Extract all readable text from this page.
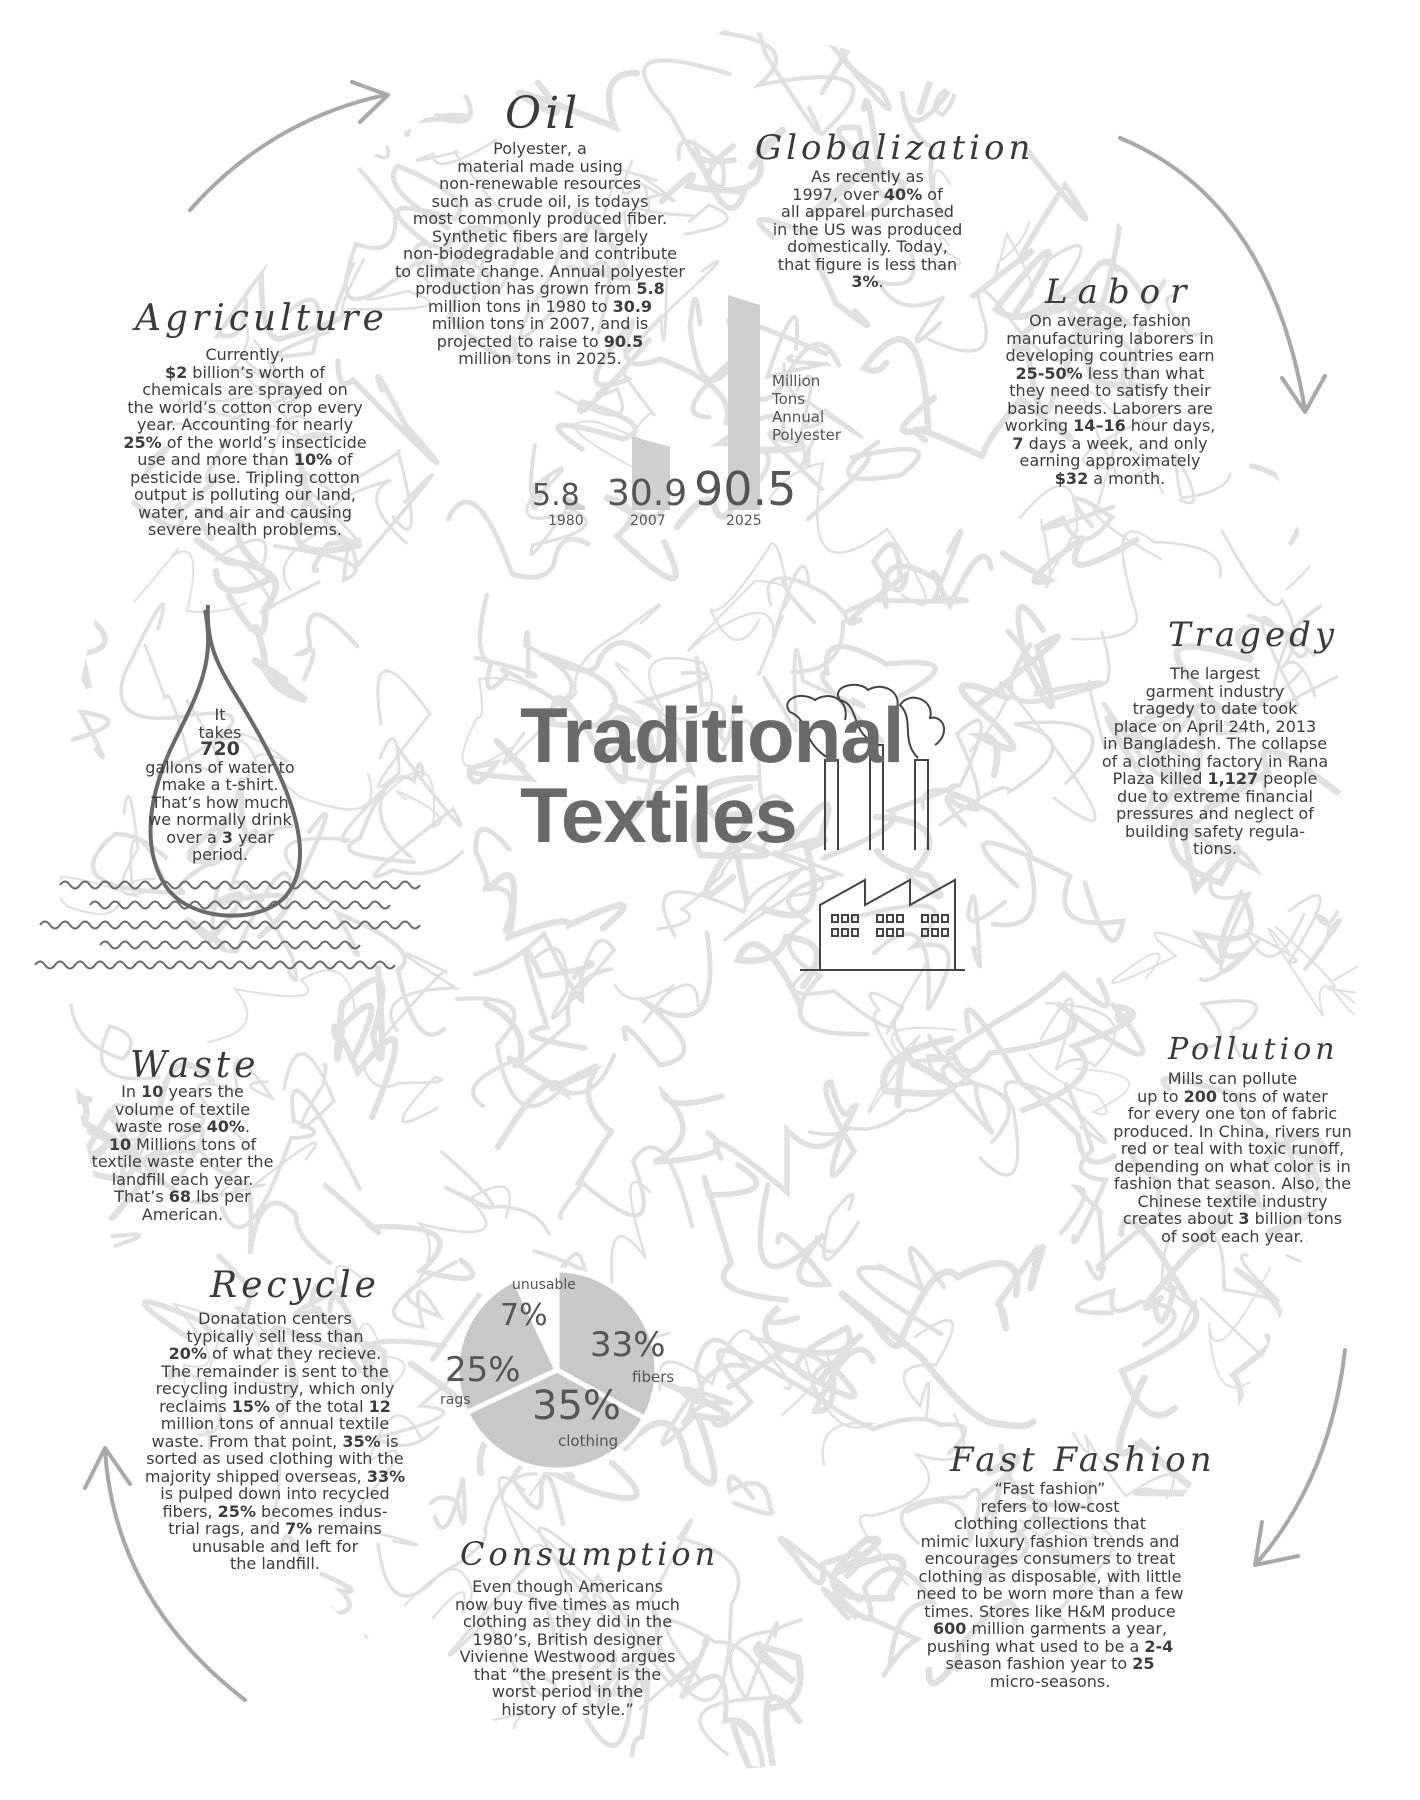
5.8 30.9 90.5
1980	2007	2025
Million
Tons
Annual
Polyester
33%
fibers
35%
clothing
25%
rags
7%
unusable
Traditional
Textiles
Oil
Polyester, a
material made using
non-renewable resources
such as crude oil, is todays
most commonly produced fiber.
Synthetic fibers are largely
non-biodegradable and contribute
to climate change. Annual polyester
production has grown from 5.8
million tons in 1980 to 30.9
million tons in 2007, and is
projected to raise to 90.5
million tons in 2025.
Globalization
As recently as
1997, over 40% of
all apparel purchased
in the US was produced
domestically. Today,
that figure is less than
3%.
Agriculture
Currently,
$2 billion’s worth of
chemicals are sprayed on
the world’s cotton crop every
year. Accounting for nearly
25% of the world’s insecticide
use and more than 10% of
pesticide use. Tripling cotton
output is polluting our land,
water, and air and causing
severe health problems.
Labor
On average, fashion
manufacturing laborers in
developing countries earn
25-50% less than what
they need to satisfy their
basic needs. Laborers are
working 14–16 hour days,
7 days a week, and only
earning approximately
$32 a month.
It
takes
720
gallons of water to
make a t-shirt.
That’s how much
we normally drink
over a 3 year
period.
Tragedy
The largest
garment industry
tragedy to date took
place on April 24th, 2013
in Bangladesh. The collapse
of a clothing factory in Rana
Plaza killed 1,127 people
due to extreme financial
pressures and neglect of
building safety regula-
tions.
Waste
In 10 years the
volume of textile
waste rose 40%.
10 Millions tons of
textile waste enter the
landfill each year.
That’s 68 lbs per
American.
Pollution
Mills can pollute
up to 200 tons of water
for every one ton of fabric
produced. In China, rivers run
red or teal with toxic runoff,
depending on what color is in
fashion that season. Also, the
Chinese textile industry
creates about 3 billion tons
of soot each year.
Recycle
Donatation centers
typically sell less than
20% of what they recieve.
The remainder is sent to the
recycling industry, which only
reclaims 15% of the total 12
million tons of annual textile
waste. From that point, 35% is
sorted as used clothing with the
majority shipped overseas, 33%
is pulped down into recycled
fibers, 25% becomes indus-
trial rags, and 7% remains
unusable and left for
the landfill.
Fast Fashion
“Fast fashion”
refers to low-cost
clothing collections that
mimic luxury fashion trends and
encourages consumers to treat
clothing as disposable, with little
need to be worn more than a few
times. Stores like H&M produce
600 million garments a year,
pushing what used to be a 2-4
season fashion year to 25
micro-seasons.
Consumption
Even though Americans
now buy five times as much
clothing as they did in the
1980’s, British designer
Vivienne Westwood argues
that “the present is the
worst period in the
history of style.”
